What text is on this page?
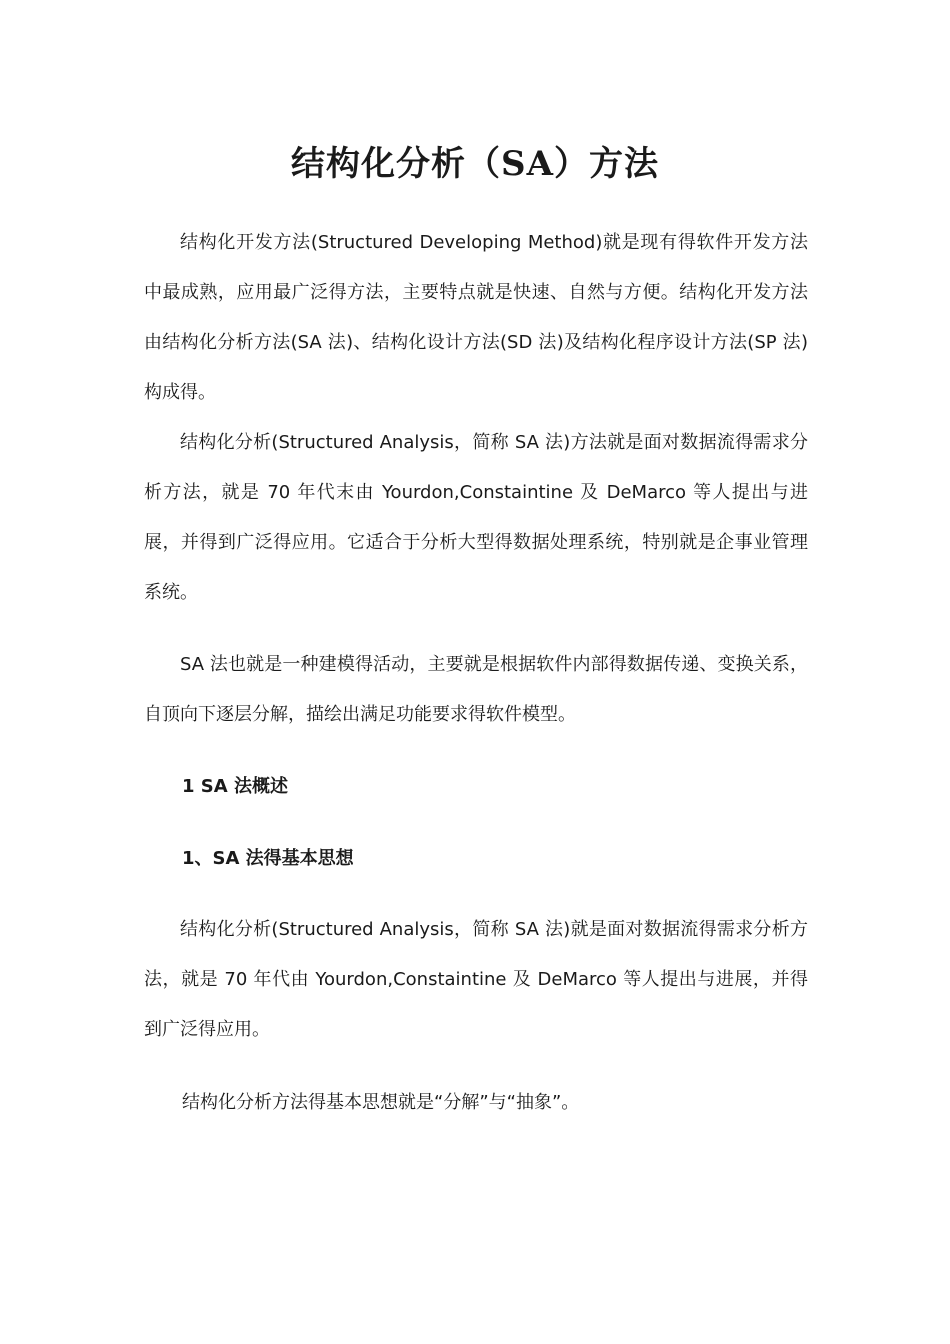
结构化分析（SA）方法

结构化开发方法(Structured Developing Method)就是现有得软件开发方法中最成熟，应用最广泛得方法，主要特点就是快速、自然与方便。结构化开发方法由结构化分析方法(SA 法)、结构化设计方法(SD 法)及结构化程序设计方法(SP 法)构成得。

结构化分析(Structured Analysis，简称 SA 法)方法就是面对数据流得需求分析方法，就是 70 年代末由 Yourdon,Constaintine 及 DeMarco 等人提出与进展，并得到广泛得应用。它适合于分析大型得数据处理系统，特别就是企事业管理系统。

SA 法也就是一种建模得活动，主要就是根据软件内部得数据传递、变换关系，自顶向下逐层分解，描绘出满足功能要求得软件模型。

1 SA 法概述
1、SA 法得基本思想

结构化分析(Structured Analysis，简称 SA 法)就是面对数据流得需求分析方法，就是 70 年代由 Yourdon,Constaintine 及 DeMarco 等人提出与进展，并得到广泛得应用。

结构化分析方法得基本思想就是“分解”与“抽象”。
